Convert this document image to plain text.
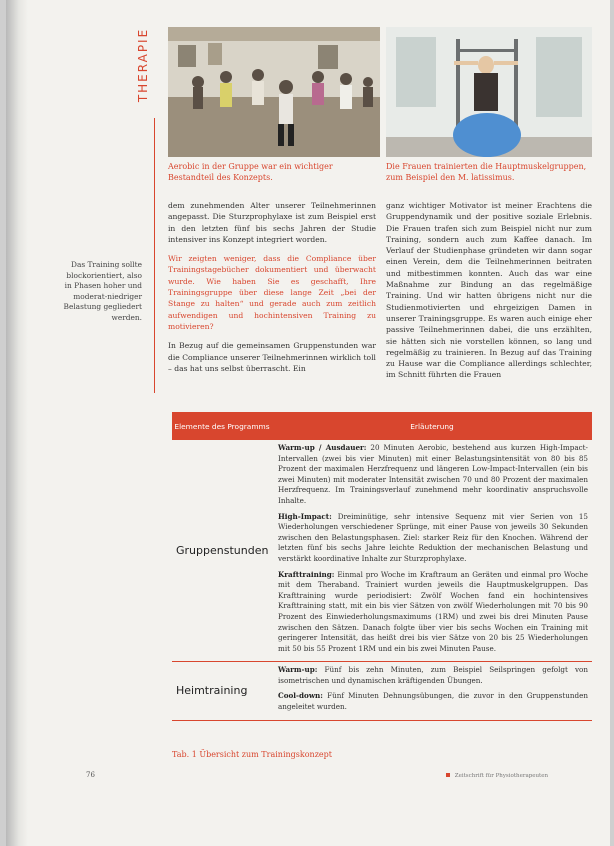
THERAPIE
Aerobic in der Gruppe war ein wichtiger Bestandteil des Konzepts.
Die Frauen trainierten die Hauptmuskelgruppen, zum Beispiel den M. latissimus.
Das Training sollte blockorientiert, also in Phasen hoher und moderat-niedriger Belastung gegliedert werden.

dem zunehmenden Alter unserer Teilnehmerinnen angepasst. Die Sturzprophylaxe ist zum Beispiel erst in den letzten fünf bis sechs Jahren der Studie intensiver ins Konzept integriert worden.

Wir zeigten weniger, dass die Compliance über Trainingstagebücher dokumentiert und überwacht wurde. Wie haben Sie es geschafft, Ihre Trainingsgruppe über diese lange Zeit „bei der Stange zu halten“ und gerade auch zum zeitlich aufwendigen und hochintensiven Training zu motivieren?

In Bezug auf die gemeinsamen Gruppenstunden war die Compliance unserer Teilnehmerinnen wirklich toll – das hat uns selbst überrascht. Ein

ganz wichtiger Motivator ist meiner Erachtens die Gruppendynamik und der positive soziale Erlebnis. Die Frauen trafen sich zum Beispiel nicht nur zum Training, sondern auch zum Kaffee danach. Im Verlauf der Studienphase gründeten wir dann sogar einen Verein, dem die Teilnehmerinnen beitraten und mitbestimmen konnten. Auch das war eine Maßnahme zur Bindung an das regelmäßige Training. Und wir hatten übrigens nicht nur die Studienmotivierten und ehrgeizigen Damen in unserer Trainingsgruppe. Es waren auch einige eher passive Teilnehmerinnen dabei, die uns erzählten, sie hätten sich nie vorstellen können, so lang und regelmäßig zu trainieren. In Bezug auf das Training zu Hause war die Compliance allerdings schlechter, im Schnitt führten die Frauen

Elemente des Programms	Erläuterung
Gruppenstunden
Warm-up / Ausdauer: 20 Minuten Aerobic, bestehend aus kurzen High-Impact-Intervallen (zwei bis vier Minuten) mit einer Belastungsintensität von 80 bis 85 Prozent der maximalen Herzfrequenz und längeren Low-Impact-Intervallen (ein bis zwei Minuten) mit moderater Intensität zwischen 70 und 80 Prozent der maximalen Herzfrequenz. Im Trainingsverlauf zunehmend mehr koordinativ anspruchsvolle Inhalte.
High-Impact: Dreiminütige, sehr intensive Sequenz mit vier Serien von 15 Wiederholungen verschiedener Sprünge, mit einer Pause von jeweils 30 Sekunden zwischen den Belastungsphasen. Ziel: starker Reiz für den Knochen. Während der letzten fünf bis sechs Jahre leichte Reduktion der mechanischen Belastung und verstärkt koordinative Inhalte zur Sturzprophylaxe.
Krafttraining: Einmal pro Woche im Kraftraum an Geräten und einmal pro Woche mit dem Theraband. Trainiert wurden jeweils die Hauptmuskelgruppen. Das Krafttraining wurde periodisiert: Zwölf Wochen fand ein hochintensives Krafttraining statt, mit ein bis vier Sätzen von zwölf Wiederholungen mit 70 bis 90 Prozent des Einwiederholungsmaximums (1RM) und zwei bis drei Minuten Pause zwischen den Sätzen. Danach folgte über vier bis sechs Wochen ein Training mit geringerer Intensität, das heißt drei bis vier Sätze von 20 bis 25 Wiederholungen mit 50 bis 55 Prozent 1RM und ein bis zwei Minuten Pause.
Heimtraining
Warm-up: Fünf bis zehn Minuten, zum Beispiel Seilspringen gefolgt von isometrischen und dynamischen kräftigenden Übungen.
Cool-down: Fünf Minuten Dehnungsübungen, die zuvor in den Gruppenstunden angeleitet wurden.
Tab. 1 Übersicht zum Trainingskonzept
76	Zeitschrift für Physiotherapeuten
